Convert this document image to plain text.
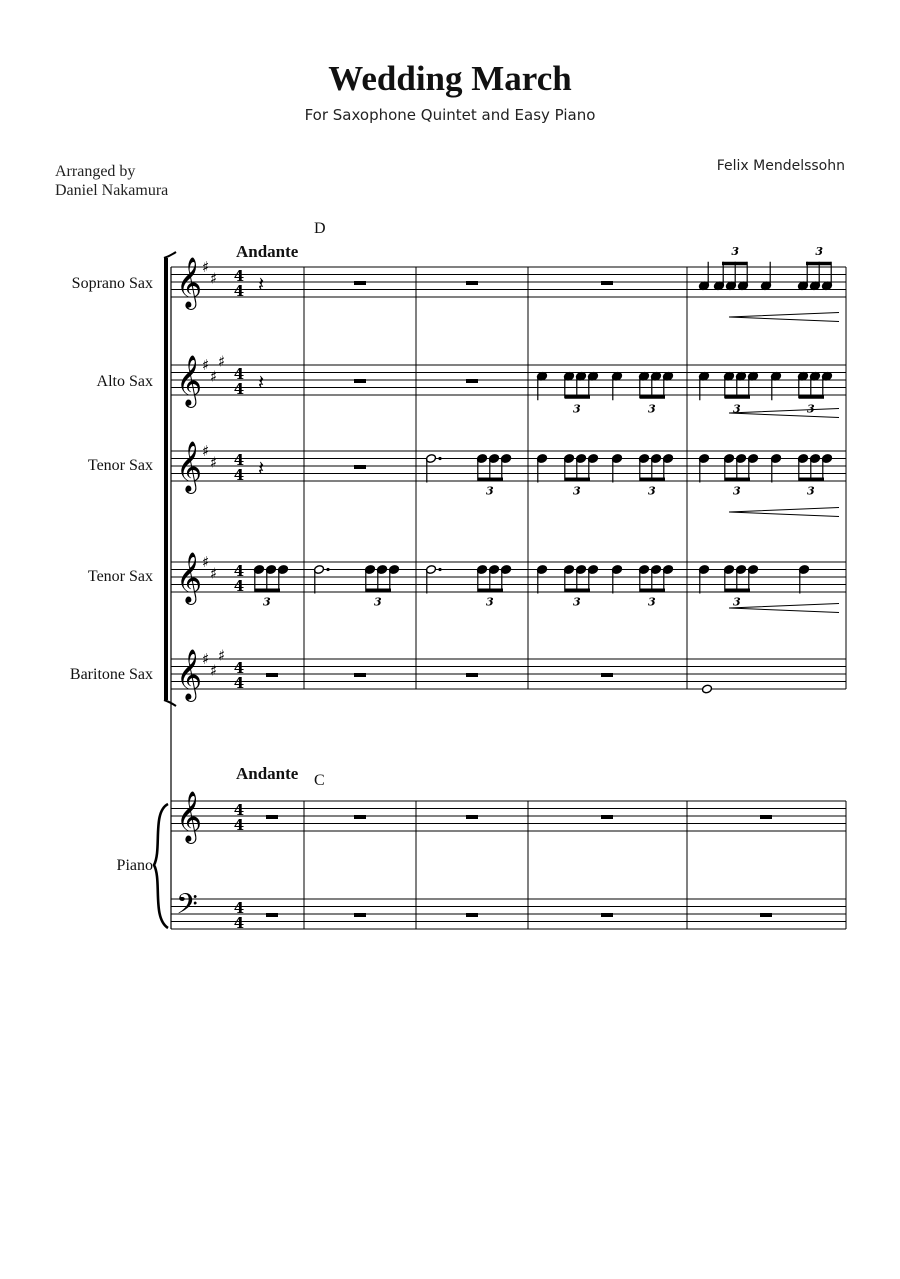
Wedding March
For Saxophone Quintet and Easy Piano
Arranged by
Daniel Nakamura
Felix Mendelssohn
D
Andante
Andante C
Soprano Sax
Alto Sax
Tenor Sax
Tenor Sax
Baritone Sax
Piano
𝄞 ♯
♯ 4
4
𝄞 ♯
♯
♯
4
4
𝄞 ♯
♯ 4
4
𝄞 ♯
♯ 4
4
𝄞 ♯
♯
♯
4
4
𝄞 4
4
𝄢 4
4
𝄽
3	3
𝄽
3	3	3	3
𝄽
3	3	3	3	3
3	3	3	3	3	3
